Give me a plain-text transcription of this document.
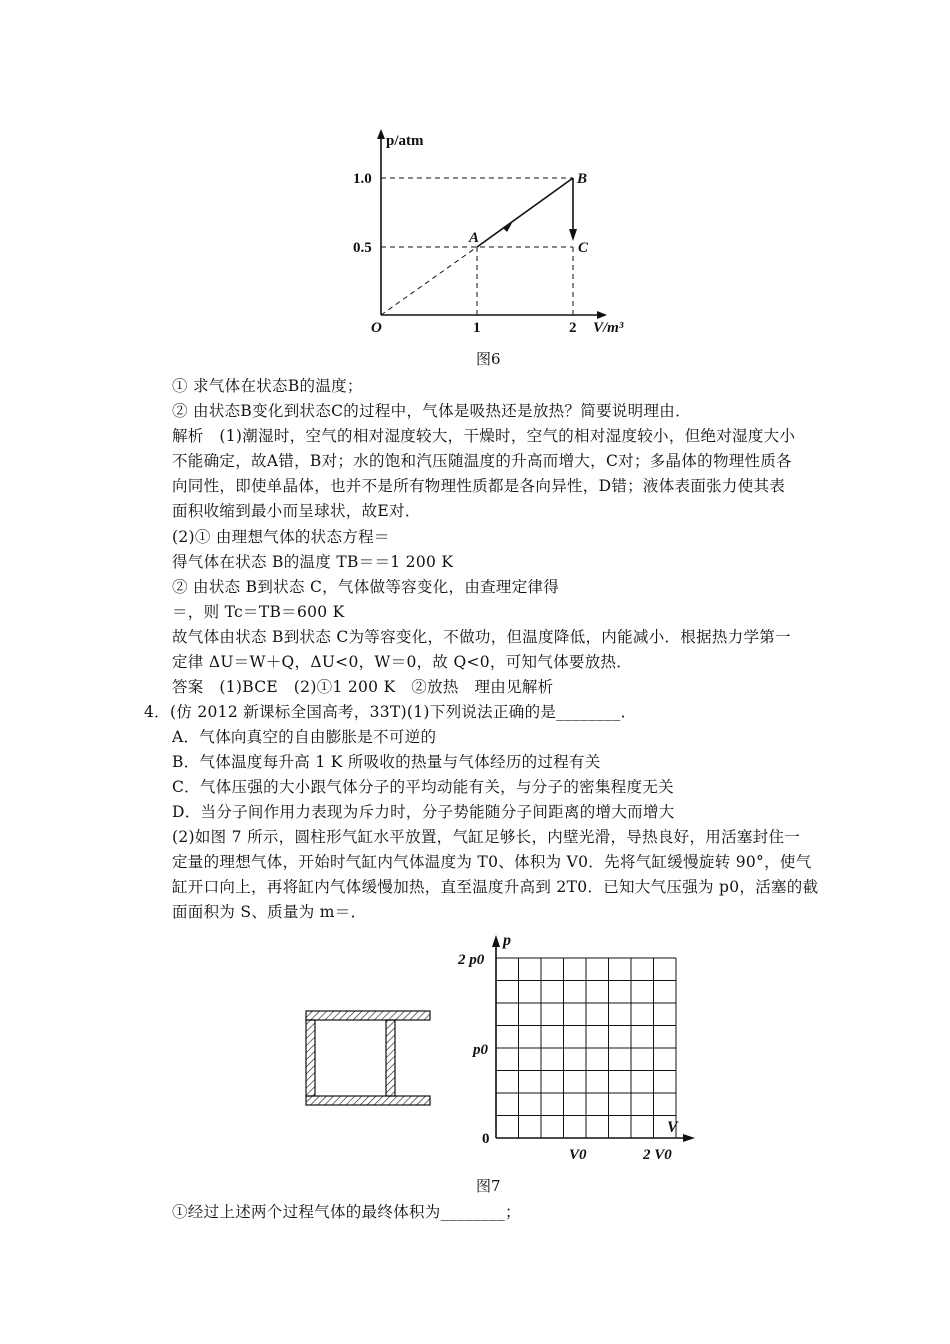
p/atm
1.0
0.5
O	1	2 V/m³
A
B
C
图6
① 求气体在状态B的温度；
② 由状态B变化到状态C的过程中，气体是吸热还是放热？简要说明理由．
解析　(1)潮湿时，空气的相对湿度较大，干燥时，空气的相对湿度较小，但绝对湿度大小
不能确定，故A错，B对；水的饱和汽压随温度的升高而增大，C对；多晶体的物理性质各
向同性，即使单晶体，也并不是所有物理性质都是各向异性，D错；液体表面张力使其表
面积收缩到最小而呈球状，故E对．
(2)① 由理想气体的状态方程＝
得气体在状态 B的温度 TB＝＝1 200 K
② 由状态 B到状态 C，气体做等容变化，由查理定律得
＝，则 Tc＝TB＝600 K
故气体由状态 B到状态 C为等容变化，不做功，但温度降低，内能减小．根据热力学第一
定律 ΔU＝W＋Q，ΔU<0，W＝0，故 Q<0，可知气体要放热．
答案　(1)BCE　(2)①1 200 K　②放热　理由见解析
4．(仿 2012 新课标全国高考，33T)(1)下列说法正确的是________．
A．气体向真空的自由膨胀是不可逆的
B．气体温度每升高 1 K 所吸收的热量与气体经历的过程有关
C．气体压强的大小跟气体分子的平均动能有关，与分子的密集程度无关
D．当分子间作用力表现为斥力时，分子势能随分子间距离的增大而增大
(2)如图 7 所示，圆柱形气缸水平放置，气缸足够长，内壁光滑，导热良好，用活塞封住一
定量的理想气体，开始时气缸内气体温度为 T0、体积为 V0．先将气缸缓慢旋转 90°，使气
缸开口向上，再将缸内气体缓慢加热，直至温度升高到 2T0．已知大气压强为 p0，活塞的截
面面积为 S、质量为 m＝．
p
2 p0
p0
0
V
V0	2 V0
图7
①经过上述两个过程气体的最终体积为________；
